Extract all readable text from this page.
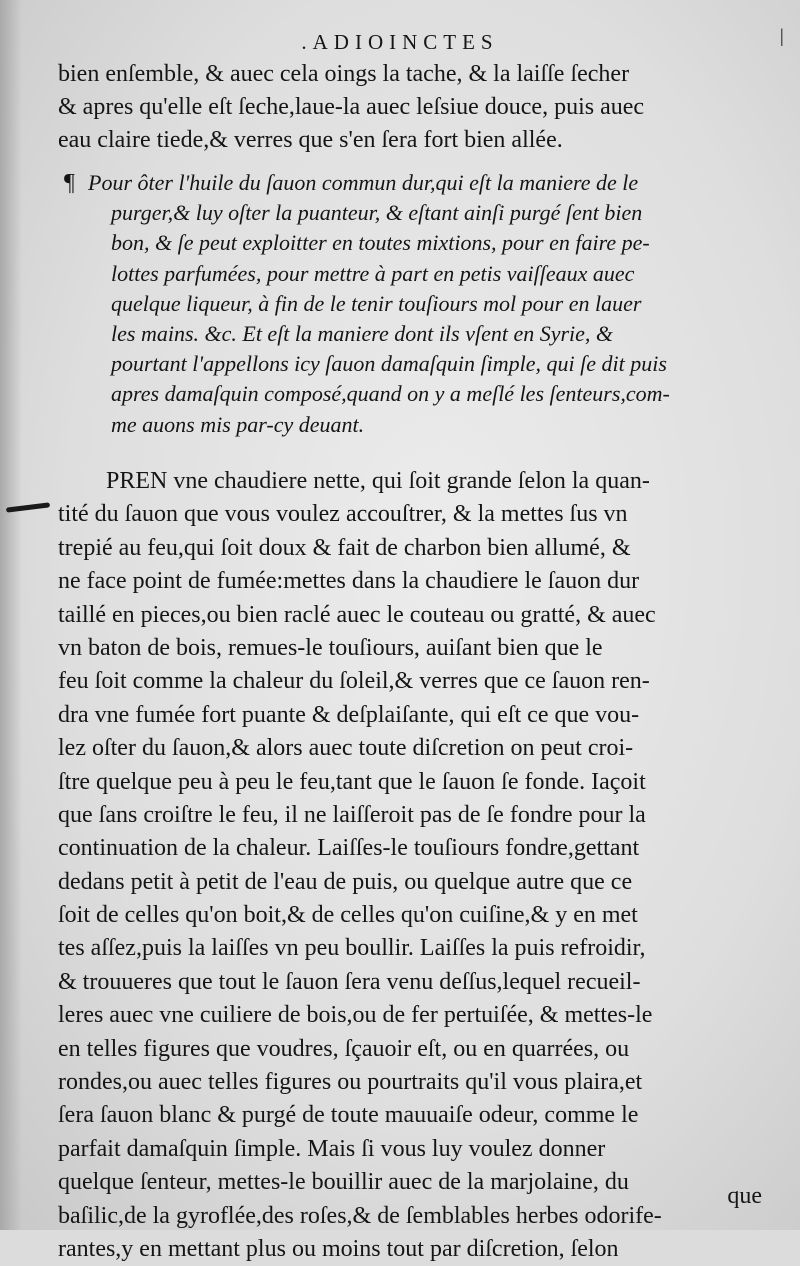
|
.ADIOINCTES
bien enſemble, & auec cela oings la tache, & la laiſſe ſecher
& apres qu'elle eſt ſeche,laue-la auec leſsiue douce, puis auec
eau claire tiede,& verres que s'en ſera fort bien allée.
¶ Pour ôter l'huile du ſauon commun dur,qui eſt la maniere de le
purger,& luy oſter la puanteur, & eſtant ainſi purgé ſent bien
bon, & ſe peut exploitter en toutes mixtions, pour en faire pe-
lottes parfumées, pour mettre à part en petis vaiſſeaux auec
quelque liqueur, à fin de le tenir touſiours mol pour en lauer
les mains. &c. Et eſt la maniere dont ils vſent en Syrie, &
pourtant l'appellons icy ſauon damaſquin ſimple, qui ſe dit puis
apres damaſquin composé,quand on y a meſlé les ſenteurs,com-
me auons mis par-cy deuant.
PREN vne chaudiere nette, qui ſoit grande ſelon la quan-
tité du ſauon que vous voulez accouſtrer, & la mettes ſus vn
trepié au feu,qui ſoit doux & fait de charbon bien allumé, &
ne face point de fumée:mettes dans la chaudiere le ſauon dur
taillé en pieces,ou bien raclé auec le couteau ou gratté, & auec
vn baton de bois, remues-le touſiours, auiſant bien que le
feu ſoit comme la chaleur du ſoleil,& verres que ce ſauon ren-
dra vne fumée fort puante & deſplaiſante, qui eſt ce que vou-
lez oſter du ſauon,& alors auec toute diſcretion on peut croi-
ſtre quelque peu à peu le feu,tant que le ſauon ſe fonde. Iaçoit
que ſans croiſtre le feu, il ne laiſſeroit pas de ſe fondre pour la
continuation de la chaleur. Laiſſes-le touſiours fondre,gettant
dedans petit à petit de l'eau de puis, ou quelque autre que ce
ſoit de celles qu'on boit,& de celles qu'on cuiſine,& y en met
tes aſſez,puis la laiſſes vn peu boullir. Laiſſes la puis refroidir,
& trouueres que tout le ſauon ſera venu deſſus,lequel recueil-
leres auec vne cuiliere de bois,ou de fer pertuiſée, & mettes-le
en telles figures que voudres, ſçauoir eſt, ou en quarrées, ou
rondes,ou auec telles figures ou pourtraits qu'il vous plaira,et
ſera ſauon blanc & purgé de toute mauuaiſe odeur, comme le
parfait damaſquin ſimple. Mais ſi vous luy voulez donner
quelque ſenteur, mettes-le bouillir auec de la marjolaine, du
baſilic,de la gyroflée,des roſes,& de ſemblables herbes odorife-
rantes,y en mettant plus ou moins tout par diſcretion, ſelon
que
